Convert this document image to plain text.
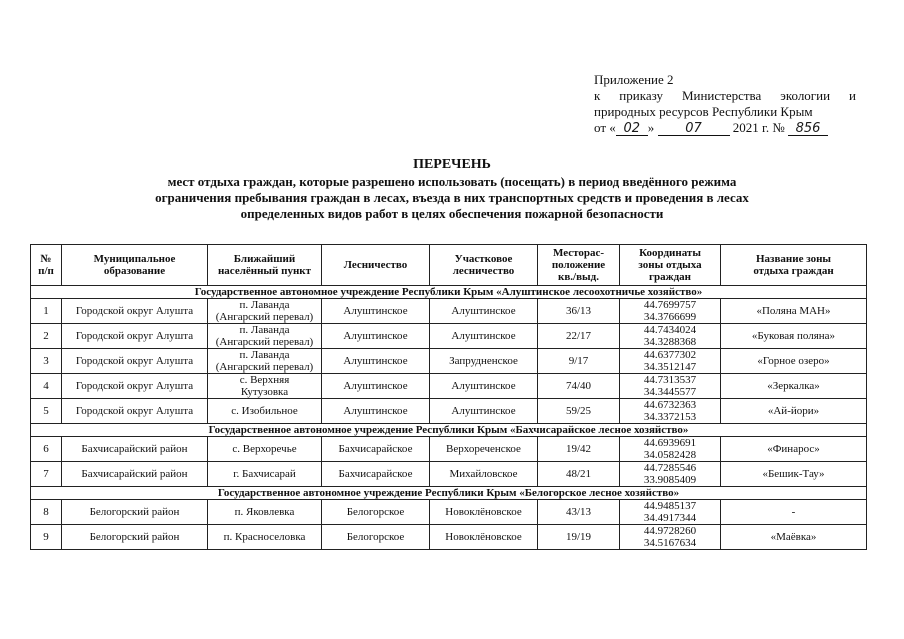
Приложение 2
к приказу Министерства экологии и
природных ресурсов Республики Крым
от « 02 » 07 2021 г. № 856
ПЕРЕЧЕНЬ
мест отдыха граждан, которые разрешено использовать (посещать) в период введённого режима
ограничения пребывания граждан в лесах, въезда в них транспортных средств и проведения в лесах
определенных видов работ в целях обеспечения пожарной безопасности
№
п/п	Муниципальное
образование	Ближайший
населённый пункт	Лесничество	Участковое
лесничество	Месторас-
положение
кв./выд.	Координаты
зоны отдыха
граждан	Название зоны
отдыха граждан
Государственное автономное учреждение Республики Крым «Алуштинское лесоохотничье хозяйство»							
1	Городской округ Алушта	п. Лаванда
(Ангарский перевал)	Алуштинское	Алуштинское	36/13	44.7699757
34.3766699	«Поляна МАН»
2	Городской округ Алушта	п. Лаванда
(Ангарский перевал)	Алуштинское	Алуштинское	22/17	44.7434024
34.3288368	«Буковая поляна»
3	Городской округ Алушта	п. Лаванда
(Ангарский перевал)	Алуштинское	Запрудненское	9/17	44.6377302
34.3512147	«Горное озеро»
4	Городской округ Алушта	с. Верхняя
Кутузовка	Алуштинское	Алуштинское	74/40	44.7313537
34.3445577	«Зеркалка»
5	Городской округ Алушта	с. Изобильное	Алуштинское	Алуштинское	59/25	44.6732363
34.3372153	«Ай-йори»
Государственное автономное учреждение Республики Крым «Бахчисарайское лесное хозяйство»							
6	Бахчисарайский район	с. Верхоречье	Бахчисарайское	Верхореченское	19/42	44.6939691
34.0582428	«Финарос»
7	Бахчисарайский район	г. Бахчисарай	Бахчисарайское	Михайловское	48/21	44.7285546
33.9085409	«Бешик-Тау»
Государственное автономное учреждение Республики Крым «Белогорское лесное хозяйство»							
8	Белогорский район	п. Яковлевка	Белогорское	Новоклёновское	43/13	44.9485137
34.4917344	-
9	Белогорский район	п. Красноселовка	Белогорское	Новоклёновское	19/19	44.9728260
34.5167634	«Маёвка»
